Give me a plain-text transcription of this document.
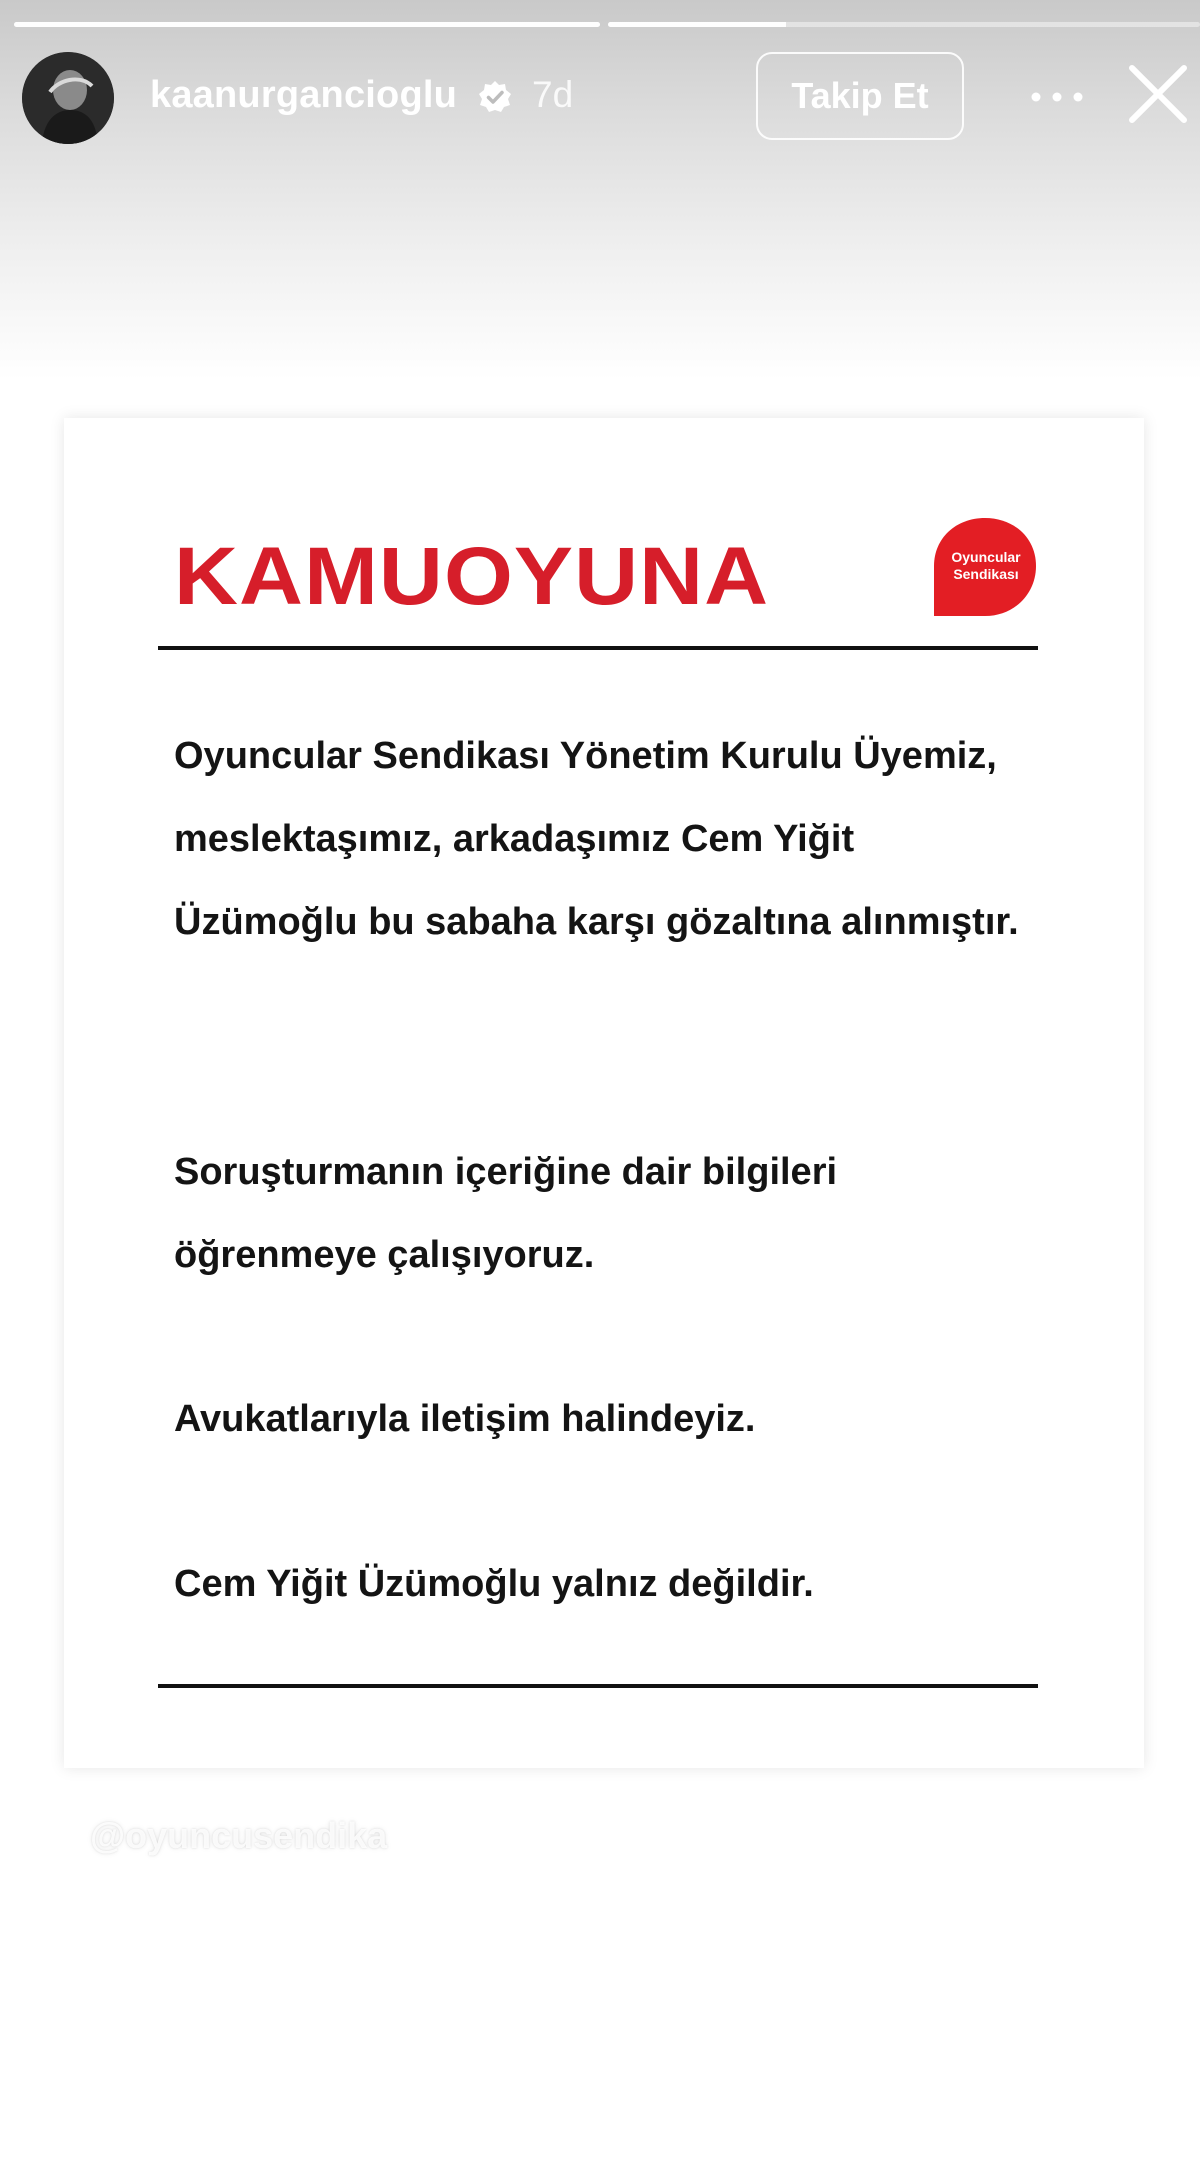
kaanurgancioglu 7d	Takip Et
KAMUOYUNA	Oyuncular
Sendikası

Oyuncular Sendikası Yönetim Kurulu Üyemiz, meslektaşımız, arkadaşımız Cem Yiğit Üzümoğlu bu sabaha karşı gözaltına alınmıştır.

Soruşturmanın içeriğine dair bilgileri öğrenmeye çalışıyoruz.

Avukatlarıyla iletişim halindeyiz.

Cem Yiğit Üzümoğlu yalnız değildir.

@oyuncusendika
